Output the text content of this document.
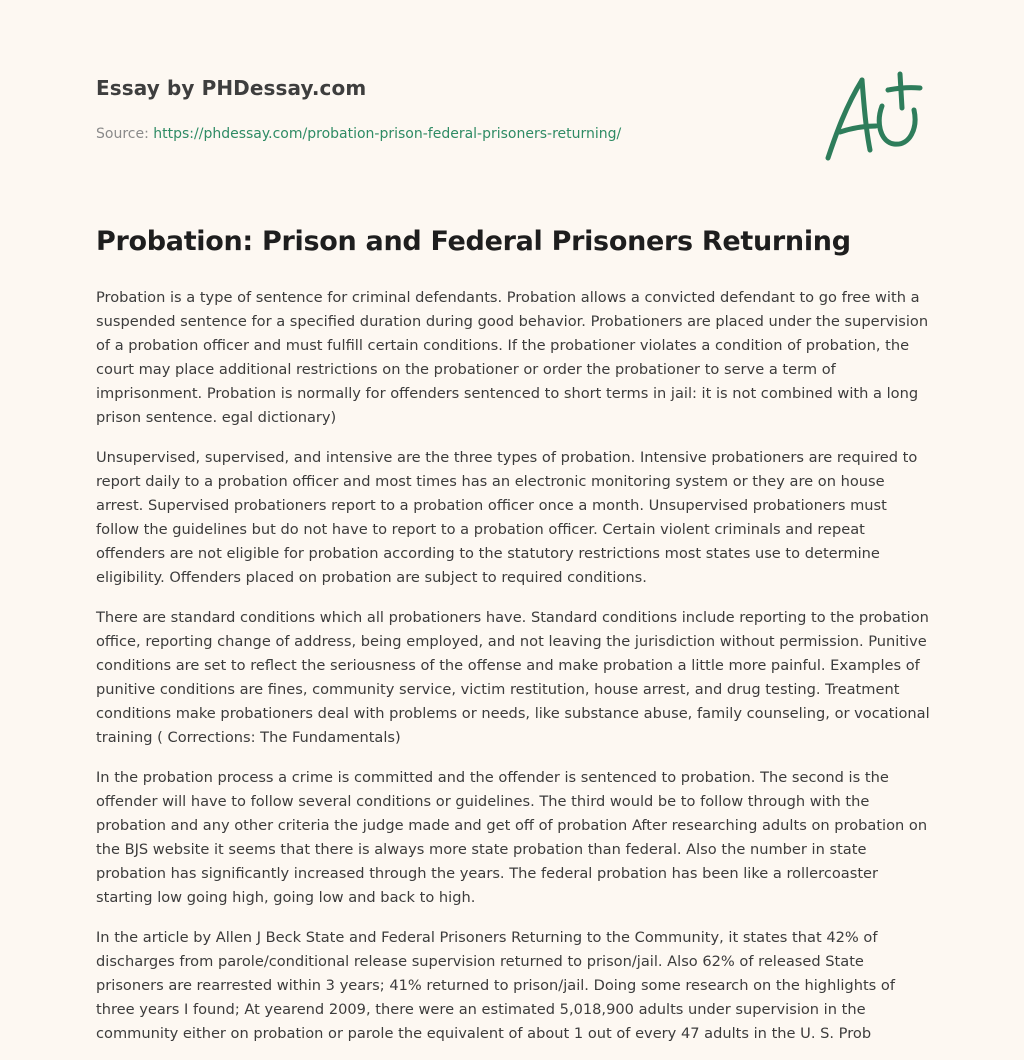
Essay by PHDessay.com
Source: https://phdessay.com/probation-prison-federal-prisoners-returning/
Probation: Prison and Federal Prisoners Returning

Probation is a type of sentence for criminal defendants. Probation allows a convicted defendant to go free with a suspended sentence for a specified duration during good behavior. Probationers are placed under the supervision of a probation officer and must fulfill certain conditions. If the probationer violates a condition of probation, the court may place additional restrictions on the probationer or order the probationer to serve a term of imprisonment. Probation is normally for offenders sentenced to short terms in jail: it is not combined with a long prison sentence. egal dictionary)

Unsupervised, supervised, and intensive are the three types of probation. Intensive probationers are required to report daily to a probation officer and most times has an electronic monitoring system or they are on house arrest. Supervised probationers report to a probation officer once a month. Unsupervised probationers must follow the guidelines but do not have to report to a probation officer. Certain violent criminals and repeat offenders are not eligible for probation according to the statutory restrictions most states use to determine eligibility. Offenders placed on probation are subject to required conditions.

There are standard conditions which all probationers have. Standard conditions include reporting to the probation office, reporting change of address, being employed, and not leaving the jurisdiction without permission. Punitive conditions are set to reflect the seriousness of the offense and make probation a little more painful. Examples of punitive conditions are fines, community service, victim restitution, house arrest, and drug testing. Treatment conditions make probationers deal with problems or needs, like substance abuse, family counseling, or vocational training ( Corrections: The Fundamentals)

In the probation process a crime is committed and the offender is sentenced to probation. The second is the offender will have to follow several conditions or guidelines. The third would be to follow through with the probation and any other criteria the judge made and get off of probation After researching adults on probation on the BJS website it seems that there is always more state probation than federal. Also the number in state probation has significantly increased through the years. The federal probation has been like a rollercoaster starting low going high, going low and back to high.

In the article by Allen J Beck State and Federal Prisoners Returning to the Community, it states that 42% of discharges from parole/conditional release supervision returned to prison/jail. Also 62% of released State prisoners are rearrested within 3 years; 41% returned to prison/jail. Doing some research on the highlights of three years I found; At yearend 2009, there were an estimated 5,018,900 adults under supervision in the community either on probation or parole the equivalent of about 1 out of every 47 adults in the U. S. Prob
